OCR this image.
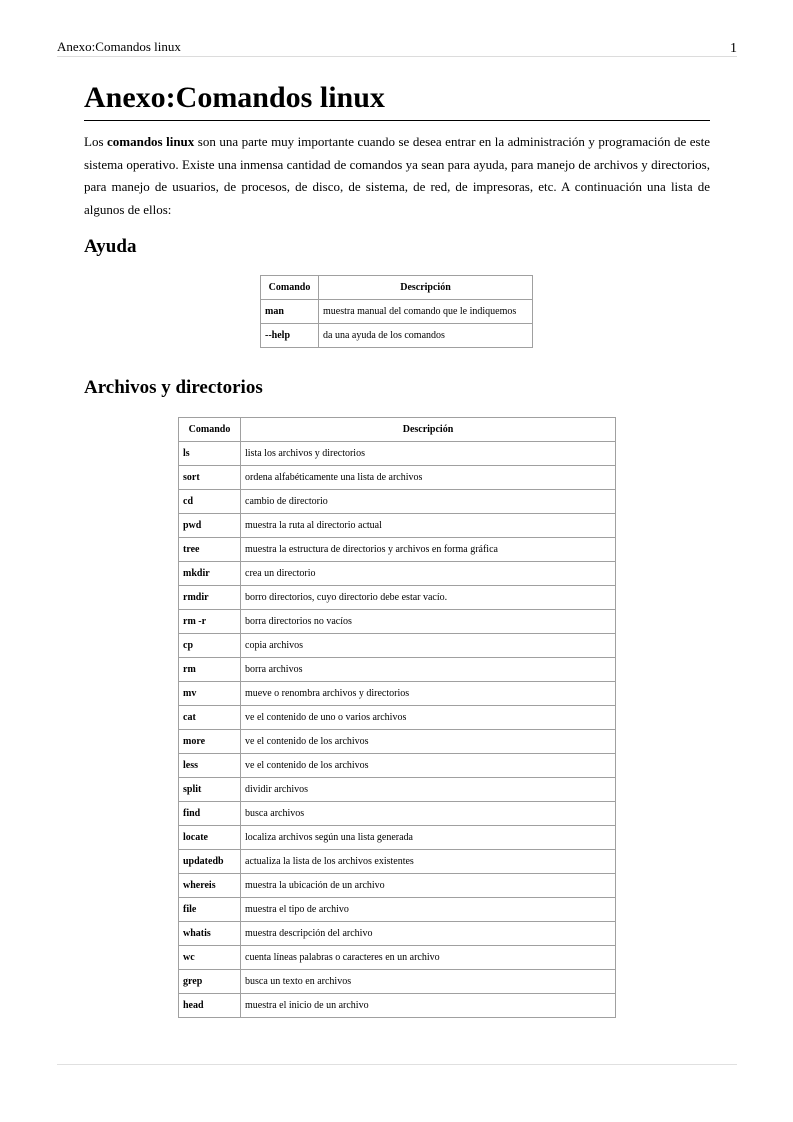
Anexo:Comandos linux	1
Anexo:Comandos linux

Los comandos linux son una parte muy importante cuando se desea entrar en la administración y programación de este sistema operativo. Existe una inmensa cantidad de comandos ya sean para ayuda, para manejo de archivos y directorios, para manejo de usuarios, de procesos, de disco, de sistema, de red, de impresoras, etc. A continuación una lista de algunos de ellos:

Ayuda
Comando	Descripción
man	muestra manual del comando que le indiquemos
--help	da una ayuda de los comandos
Archivos y directorios
Comando	Descripción
ls	lista los archivos y directorios
sort	ordena alfabéticamente una lista de archivos
cd	cambio de directorio
pwd	muestra la ruta al directorio actual
tree	muestra la estructura de directorios y archivos en forma gráfica
mkdir	crea un directorio
rmdir	borro directorios, cuyo directorio debe estar vacío.
rm -r	borra directorios no vacíos
cp	copia archivos
rm	borra archivos
mv	mueve o renombra archivos y directorios
cat	ve el contenido de uno o varios archivos
more	ve el contenido de los archivos
less	ve el contenido de los archivos
split	dividir archivos
find	busca archivos
locate	localiza archivos según una lista generada
updatedb	actualiza la lista de los archivos existentes
whereis	muestra la ubicación de un archivo
file	muestra el tipo de archivo
whatis	muestra descripción del archivo
wc	cuenta líneas palabras o caracteres en un archivo
grep	busca un texto en archivos
head	muestra el inicio de un archivo
